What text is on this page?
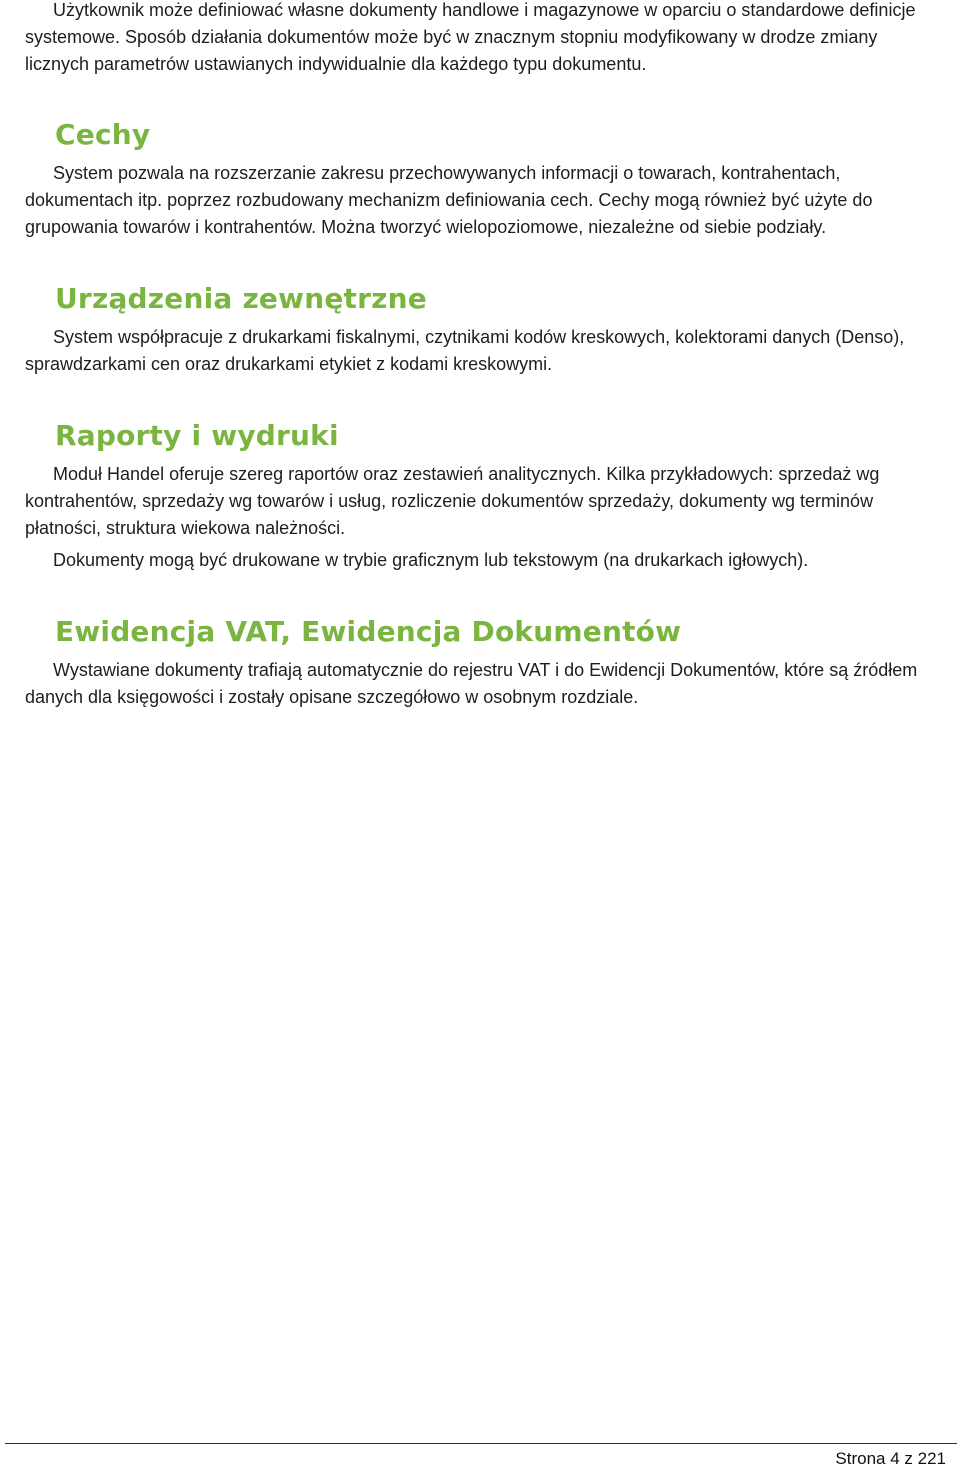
Użytkownik może definiować własne dokumenty handlowe i magazynowe w oparciu o standardowe definicje systemowe. Sposób działania dokumentów może być w znacznym stopniu modyfikowany w drodze zmiany licznych parametrów ustawianych indywidualnie dla każdego typu dokumentu.

Cechy

System pozwala na rozszerzanie zakresu przechowywanych informacji o towarach, kontrahentach, dokumentach itp. poprzez rozbudowany mechanizm definiowania cech. Cechy mogą również być użyte do grupowania towarów i kontrahentów. Można tworzyć wielopoziomowe, niezależne od siebie podziały.

Urządzenia zewnętrzne

System współpracuje z drukarkami fiskalnymi, czytnikami kodów kreskowych, kolektorami danych (Denso), sprawdzarkami cen oraz drukarkami etykiet z kodami kreskowymi.

Raporty i wydruki

Moduł Handel oferuje szereg raportów oraz zestawień analitycznych. Kilka przykładowych: sprzedaż wg kontrahentów, sprzedaży wg towarów i usług, rozliczenie dokumentów sprzedaży, dokumenty wg terminów płatności, struktura wiekowa należności.

Dokumenty mogą być drukowane w trybie graficznym lub tekstowym (na drukarkach igłowych).

Ewidencja VAT, Ewidencja Dokumentów

Wystawiane dokumenty trafiają automatycznie do rejestru VAT i do Ewidencji Dokumentów, które są źródłem danych dla księgowości i zostały opisane szczegółowo w osobnym rozdziale.

Strona 4 z 221
